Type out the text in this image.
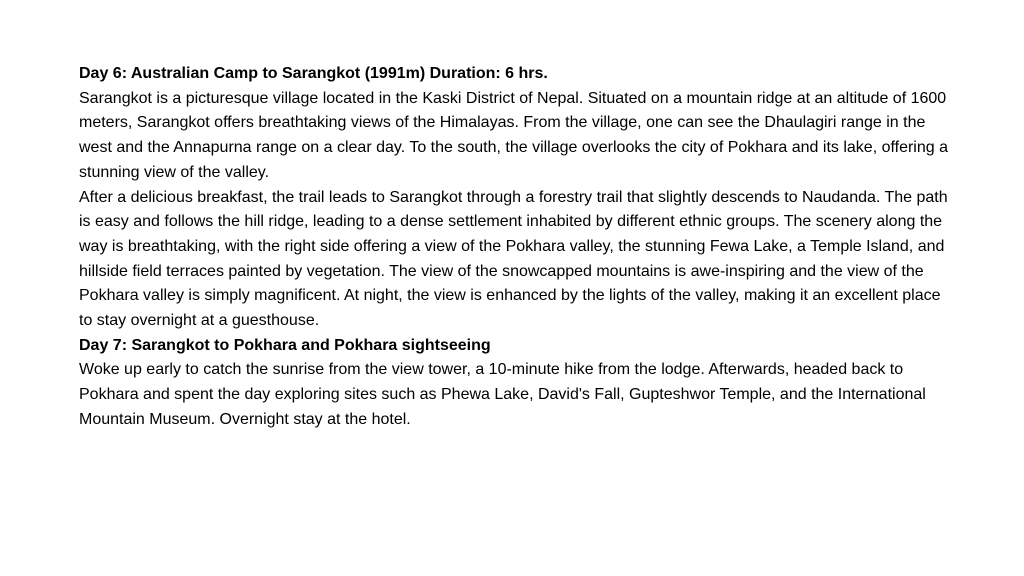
Day 6: Australian Camp to Sarangkot (1991m) Duration: 6 hrs.

Sarangkot is a picturesque village located in the Kaski District of Nepal. Situated on a mountain ridge at an altitude of 1600 meters, Sarangkot offers breathtaking views of the Himalayas. From the village, one can see the Dhaulagiri range in the west and the Annapurna range on a clear day. To the south, the village overlooks the city of Pokhara and its lake, offering a stunning view of the valley.

After a delicious breakfast, the trail leads to Sarangkot through a forestry trail that slightly descends to Naudanda. The path is easy and follows the hill ridge, leading to a dense settlement inhabited by different ethnic groups. The scenery along the way is breathtaking, with the right side offering a view of the Pokhara valley, the stunning Fewa Lake, a Temple Island, and hillside field terraces painted by vegetation. The view of the snowcapped mountains is awe-inspiring and the view of the Pokhara valley is simply magnificent. At night, the view is enhanced by the lights of the valley, making it an excellent place to stay overnight at a guesthouse.

Day 7: Sarangkot to Pokhara and Pokhara sightseeing

Woke up early to catch the sunrise from the view tower, a 10-minute hike from the lodge. Afterwards, headed back to Pokhara and spent the day exploring sites such as Phewa Lake, David's Fall, Gupteshwor Temple, and the International Mountain Museum. Overnight stay at the hotel.
